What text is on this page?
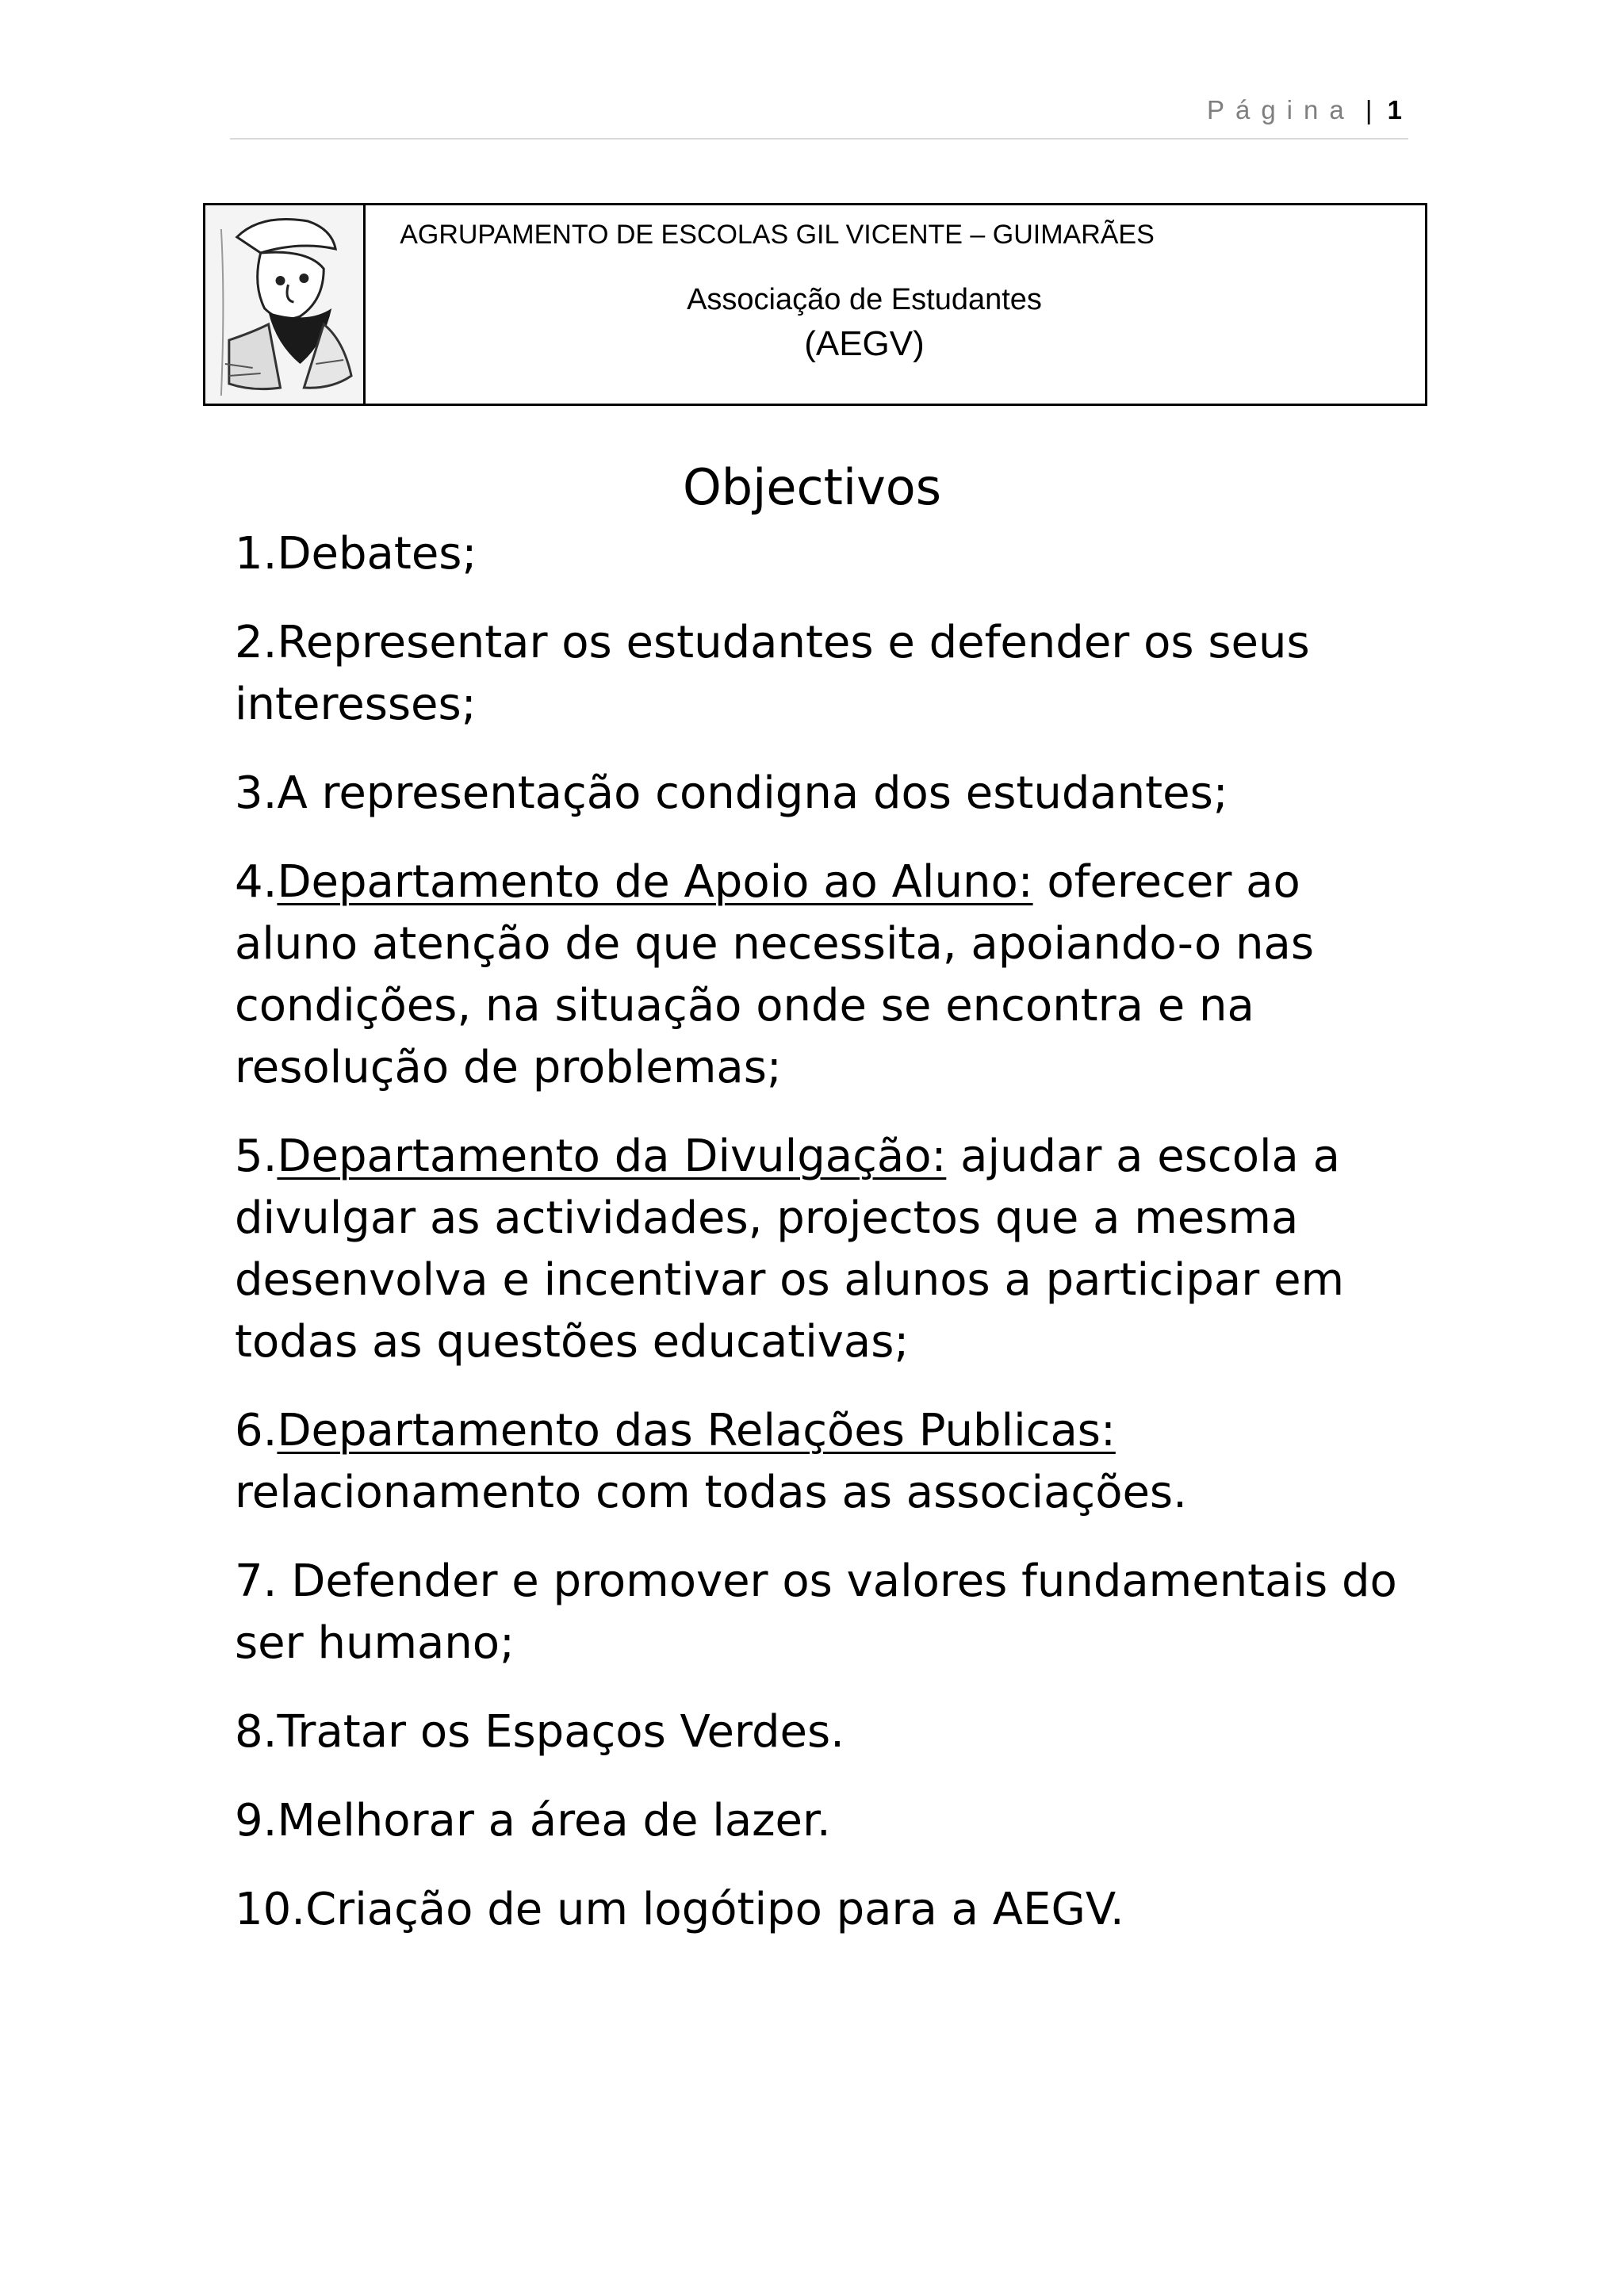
Página | 1
AGRUPAMENTO DE ESCOLAS GIL VICENTE – GUIMARÃES
Associação de Estudantes
(AEGV)
Objectivos
1.Debates;
2.Representar os estudantes e defender os seus interesses;
3.A representação condigna dos estudantes;
4.Departamento de Apoio ao Aluno: oferecer ao aluno atenção de que necessita, apoiando-o nas condições, na situação onde se encontra e na resolução de problemas;
5.Departamento da Divulgação: ajudar a escola a divulgar as actividades, projectos que a mesma desenvolva e incentivar os alunos a participar em todas as questões educativas;
6.Departamento das Relações Publicas: relacionamento com todas as associações.
7. Defender e promover os valores fundamentais do ser humano;
8.Tratar os Espaços Verdes.
9.Melhorar a área de lazer.
10.Criação de um logótipo para a AEGV.
